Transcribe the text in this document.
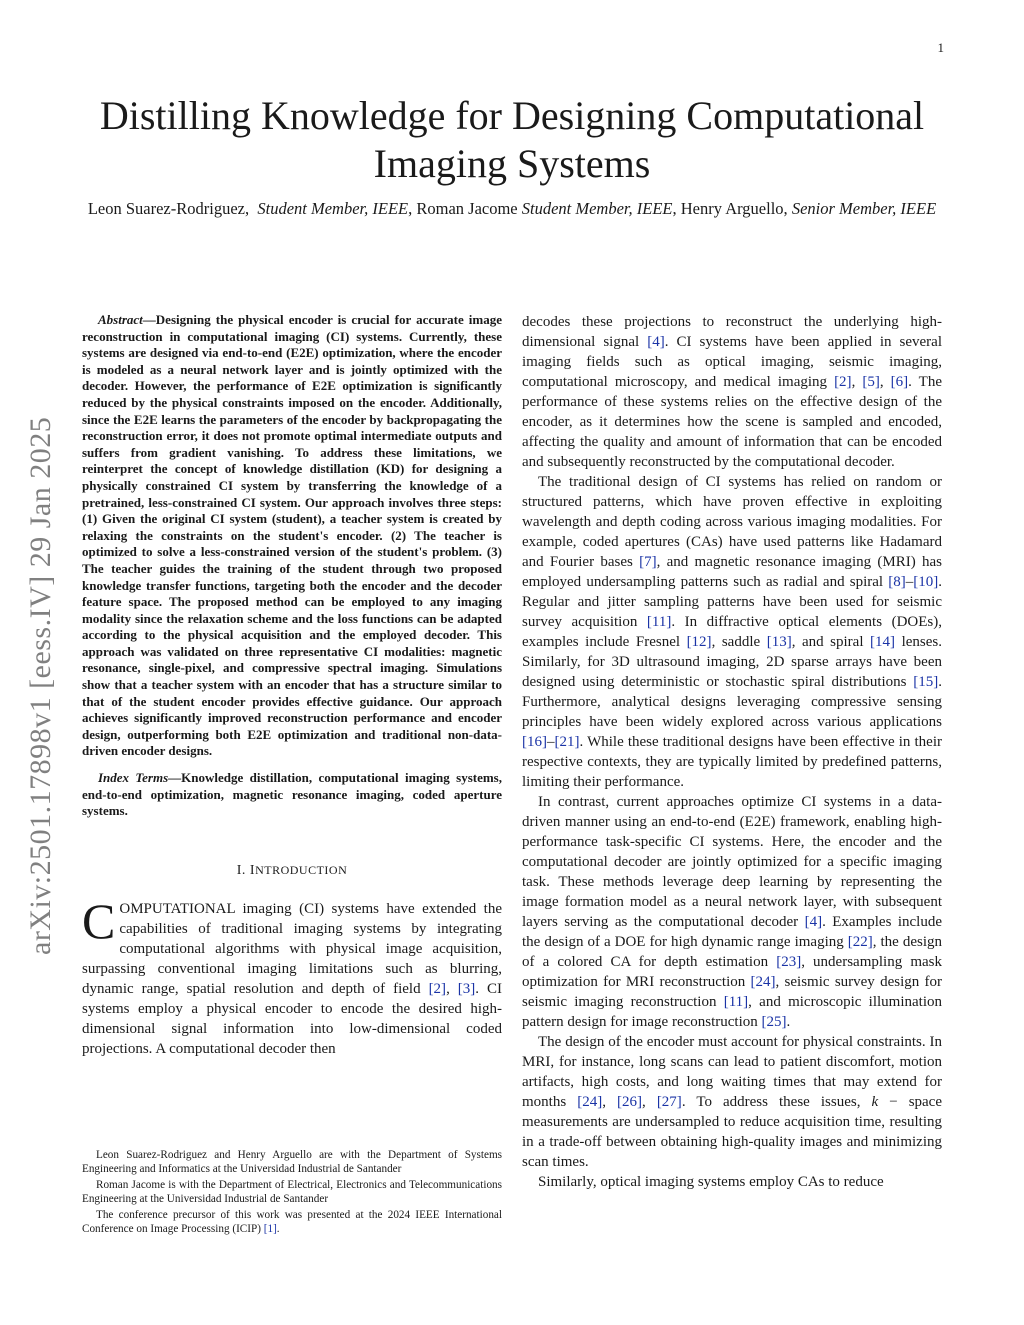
1
arXiv:2501.17898v1 [eess.IV] 29 Jan 2025
Distilling Knowledge for Designing Computational Imaging Systems
Leon Suarez-Rodriguez, Student Member, IEEE, Roman Jacome Student Member, IEEE, Henry Arguello, Senior Member, IEEE

Abstract—Designing the physical encoder is crucial for accurate image reconstruction in computational imaging (CI) systems. Currently, these systems are designed via end-to-end (E2E) optimization, where the encoder is modeled as a neural network layer and is jointly optimized with the decoder. However, the performance of E2E optimization is significantly reduced by the physical constraints imposed on the encoder. Additionally, since the E2E learns the parameters of the encoder by backpropagating the reconstruction error, it does not promote optimal intermediate outputs and suffers from gradient vanishing. To address these limitations, we reinterpret the concept of knowledge distillation (KD) for designing a physically constrained CI system by transferring the knowledge of a pretrained, less-constrained CI system. Our approach involves three steps: (1) Given the original CI system (student), a teacher system is created by relaxing the constraints on the student's encoder. (2) The teacher is optimized to solve a less-constrained version of the student's problem. (3) The teacher guides the training of the student through two proposed knowledge transfer functions, targeting both the encoder and the decoder feature space. The proposed method can be employed to any imaging modality since the relaxation scheme and the loss functions can be adapted according to the physical acquisition and the employed decoder. This approach was validated on three representative CI modalities: magnetic resonance, single-pixel, and compressive spectral imaging. Simulations show that a teacher system with an encoder that has a structure similar to that of the student encoder provides effective guidance. Our approach achieves significantly improved reconstruction performance and encoder design, outperforming both E2E optimization and traditional non-data-driven encoder designs.

Index Terms—Knowledge distillation, computational imaging systems, end-to-end optimization, magnetic resonance imaging, coded aperture systems.

I. INTRODUCTION

COMPUTATIONAL imaging (CI) systems have extended the capabilities of traditional imaging systems by integrating computational algorithms with physical image acquisition, surpassing conventional imaging limitations such as blurring, dynamic range, spatial resolution and depth of field [2], [3]. CI systems employ a physical encoder to encode the desired high-dimensional signal information into low-dimensional coded projections. A computational decoder then

Leon Suarez-Rodriguez and Henry Arguello are with the Department of Systems Engineering and Informatics at the Universidad Industrial de Santander

Roman Jacome is with the Department of Electrical, Electronics and Telecommunications Engineering at the Universidad Industrial de Santander

The conference precursor of this work was presented at the 2024 IEEE International Conference on Image Processing (ICIP) [1].

decodes these projections to reconstruct the underlying high-dimensional signal [4]. CI systems have been applied in several imaging fields such as optical imaging, seismic imaging, computational microscopy, and medical imaging [2], [5], [6]. The performance of these systems relies on the effective design of the encoder, as it determines how the scene is sampled and encoded, affecting the quality and amount of information that can be encoded and subsequently reconstructed by the computational decoder.

The traditional design of CI systems has relied on random or structured patterns, which have proven effective in exploiting wavelength and depth coding across various imaging modalities. For example, coded apertures (CAs) have used patterns like Hadamard and Fourier bases [7], and magnetic resonance imaging (MRI) has employed undersampling patterns such as radial and spiral [8]–[10]. Regular and jitter sampling patterns have been used for seismic survey acquisition [11]. In diffractive optical elements (DOEs), examples include Fresnel [12], saddle [13], and spiral [14] lenses. Similarly, for 3D ultrasound imaging, 2D sparse arrays have been designed using deterministic or stochastic spiral distributions [15]. Furthermore, analytical designs leveraging compressive sensing principles have been widely explored across various applications [16]–[21]. While these traditional designs have been effective in their respective contexts, they are typically limited by predefined patterns, limiting their performance.

In contrast, current approaches optimize CI systems in a data-driven manner using an end-to-end (E2E) framework, enabling high-performance task-specific CI systems. Here, the encoder and the computational decoder are jointly optimized for a specific imaging task. These methods leverage deep learning by representing the image formation model as a neural network layer, with subsequent layers serving as the computational decoder [4]. Examples include the design of a DOE for high dynamic range imaging [22], the design of a colored CA for depth estimation [23], undersampling mask optimization for MRI reconstruction [24], seismic survey design for seismic imaging reconstruction [11], and microscopic illumination pattern design for image reconstruction [25].

The design of the encoder must account for physical constraints. In MRI, for instance, long scans can lead to patient discomfort, motion artifacts, high costs, and long waiting times that may extend for months [24], [26], [27]. To address these issues, k − space measurements are undersampled to reduce acquisition time, resulting in a trade-off between obtaining high-quality images and minimizing scan times.

Similarly, optical imaging systems employ CAs to reduce
